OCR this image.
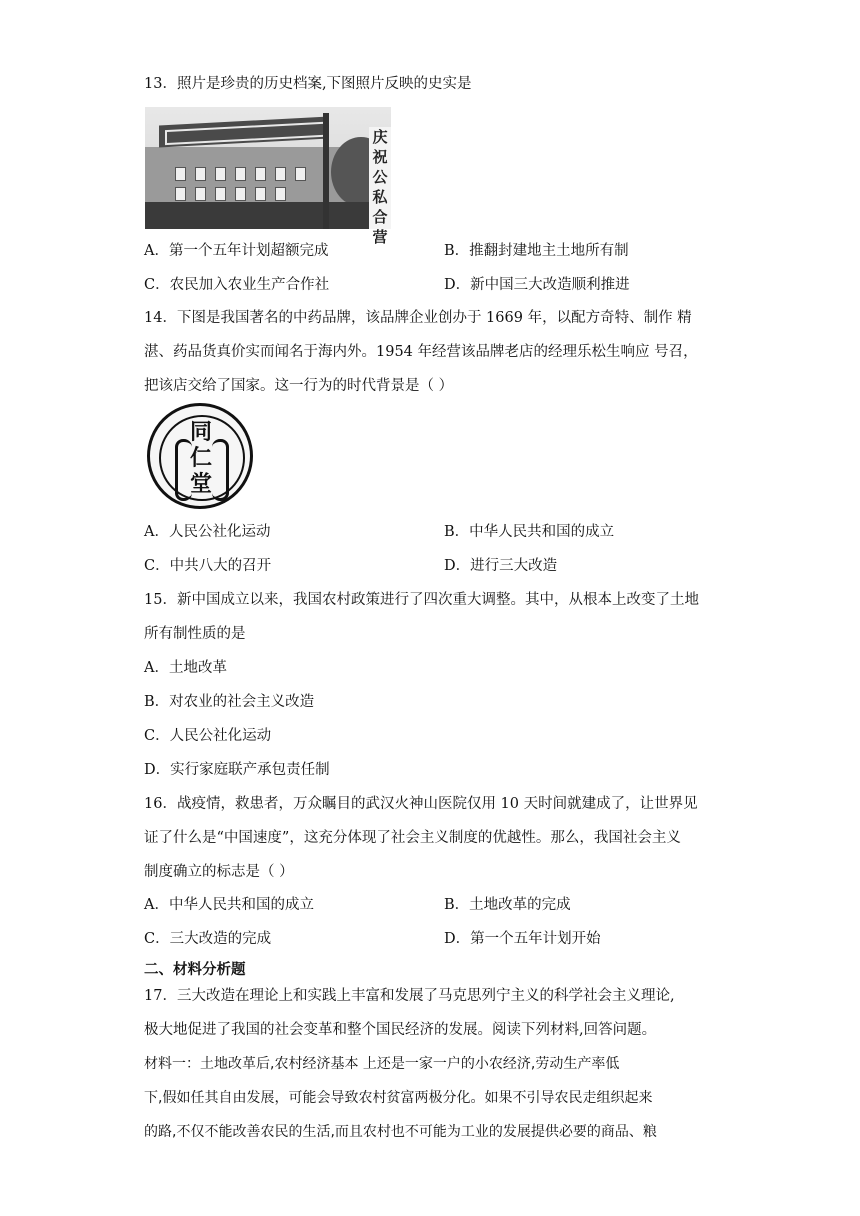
13．照片是珍贵的历史档案,下图照片反映的史实是
庆
祝
公
私
合
营
A．第一个五年计划超额完成	B．推翻封建地主土地所有制
C．农民加入农业生产合作社	D．新中国三大改造顺利推进
14．下图是我国著名的中药品牌，该品牌企业创办于 1669 年，以配方奇特、制作 精
湛、药品货真价实而闻名于海内外。1954 年经营该品牌老店的经理乐松生响应 号召，
把该店交给了国家。这一行为的时代背景是（ ）
同
仁
堂
A．人民公社化运动	B．中华人民共和国的成立
C．中共八大的召开	D．进行三大改造
15．新中国成立以来，我国农村政策进行了四次重大调整。其中，从根本上改变了土地
所有制性质的是
A．土地改革
B．对农业的社会主义改造
C．人民公社化运动
D．实行家庭联产承包责任制
16．战疫情，救患者，万众瞩目的武汉火神山医院仅用 10 天时间就建成了，让世界见
证了什么是“中国速度”，这充分体现了社会主义制度的优越性。那么，我国社会主义
制度确立的标志是（ ）
A．中华人民共和国的成立	B．土地改革的完成
C．三大改造的完成	D．第一个五年计划开始
二、材料分析题
17．三大改造在理论上和实践上丰富和发展了马克思列宁主义的科学社会主义理论,
极大地促进了我国的社会变革和整个国民经济的发展。阅读下列材料,回答问题。
材料一：土地改革后,农村经济基本 上还是一家一户的小农经济,劳动生产率低
下,假如任其自由发展，可能会导致农村贫富两极分化。如果不引导农民走组织起来
的路,不仅不能改善农民的生活,而且农村也不可能为工业的发展提供必要的商品、粮
